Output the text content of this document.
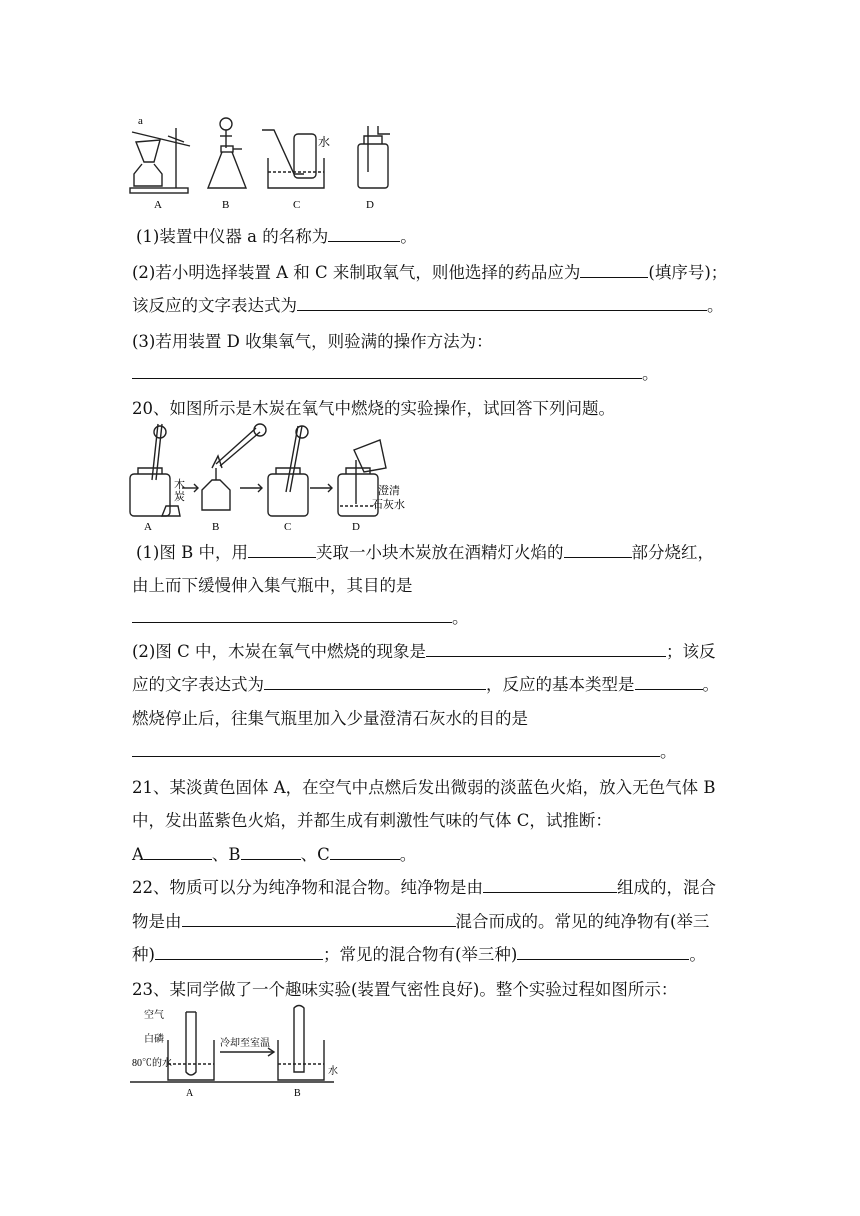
a
A	B	C	D
水
(1)装置中仪器 a 的名称为	。
(2)若小明选择装置 A 和 C 来制取氧气，则他选择的药品应为	(填序号)；
该反应的文字表达式为	。
(3)若用装置 D 收集氧气，则验满的操作方法为：
。
20、如图所示是木炭在氧气中燃烧的实验操作，试回答下列问题。
木
炭
A	B	C	D
澄清
石灰水
(1)图 B 中，用	夹取一小块木炭放在酒精灯火焰的	部分烧红，
由上而下缓慢伸入集气瓶中，其目的是
。
(2)图 C 中，木炭在氧气中燃烧的现象是	；该反
应的文字表达式为	，反应的基本类型是	。
燃烧停止后，往集气瓶里加入少量澄清石灰水的目的是
。
21、某淡黄色固体 A，在空气中点燃后发出微弱的淡蓝色火焰，放入无色气体 B
中，发出蓝紫色火焰，并都生成有刺激性气味的气体 C，试推断：
A	、B	、C	。
22、物质可以分为纯净物和混合物。纯净物是由	组成的，混合
物是由	混合而成的。常见的纯净物有(举三
种)	；常见的混合物有(举三种)	。
23、某同学做了一个趣味实验(装置气密性良好)。整个实验过程如图所示：
空气
白磷
80℃的水
冷却至室温
水
A	B
